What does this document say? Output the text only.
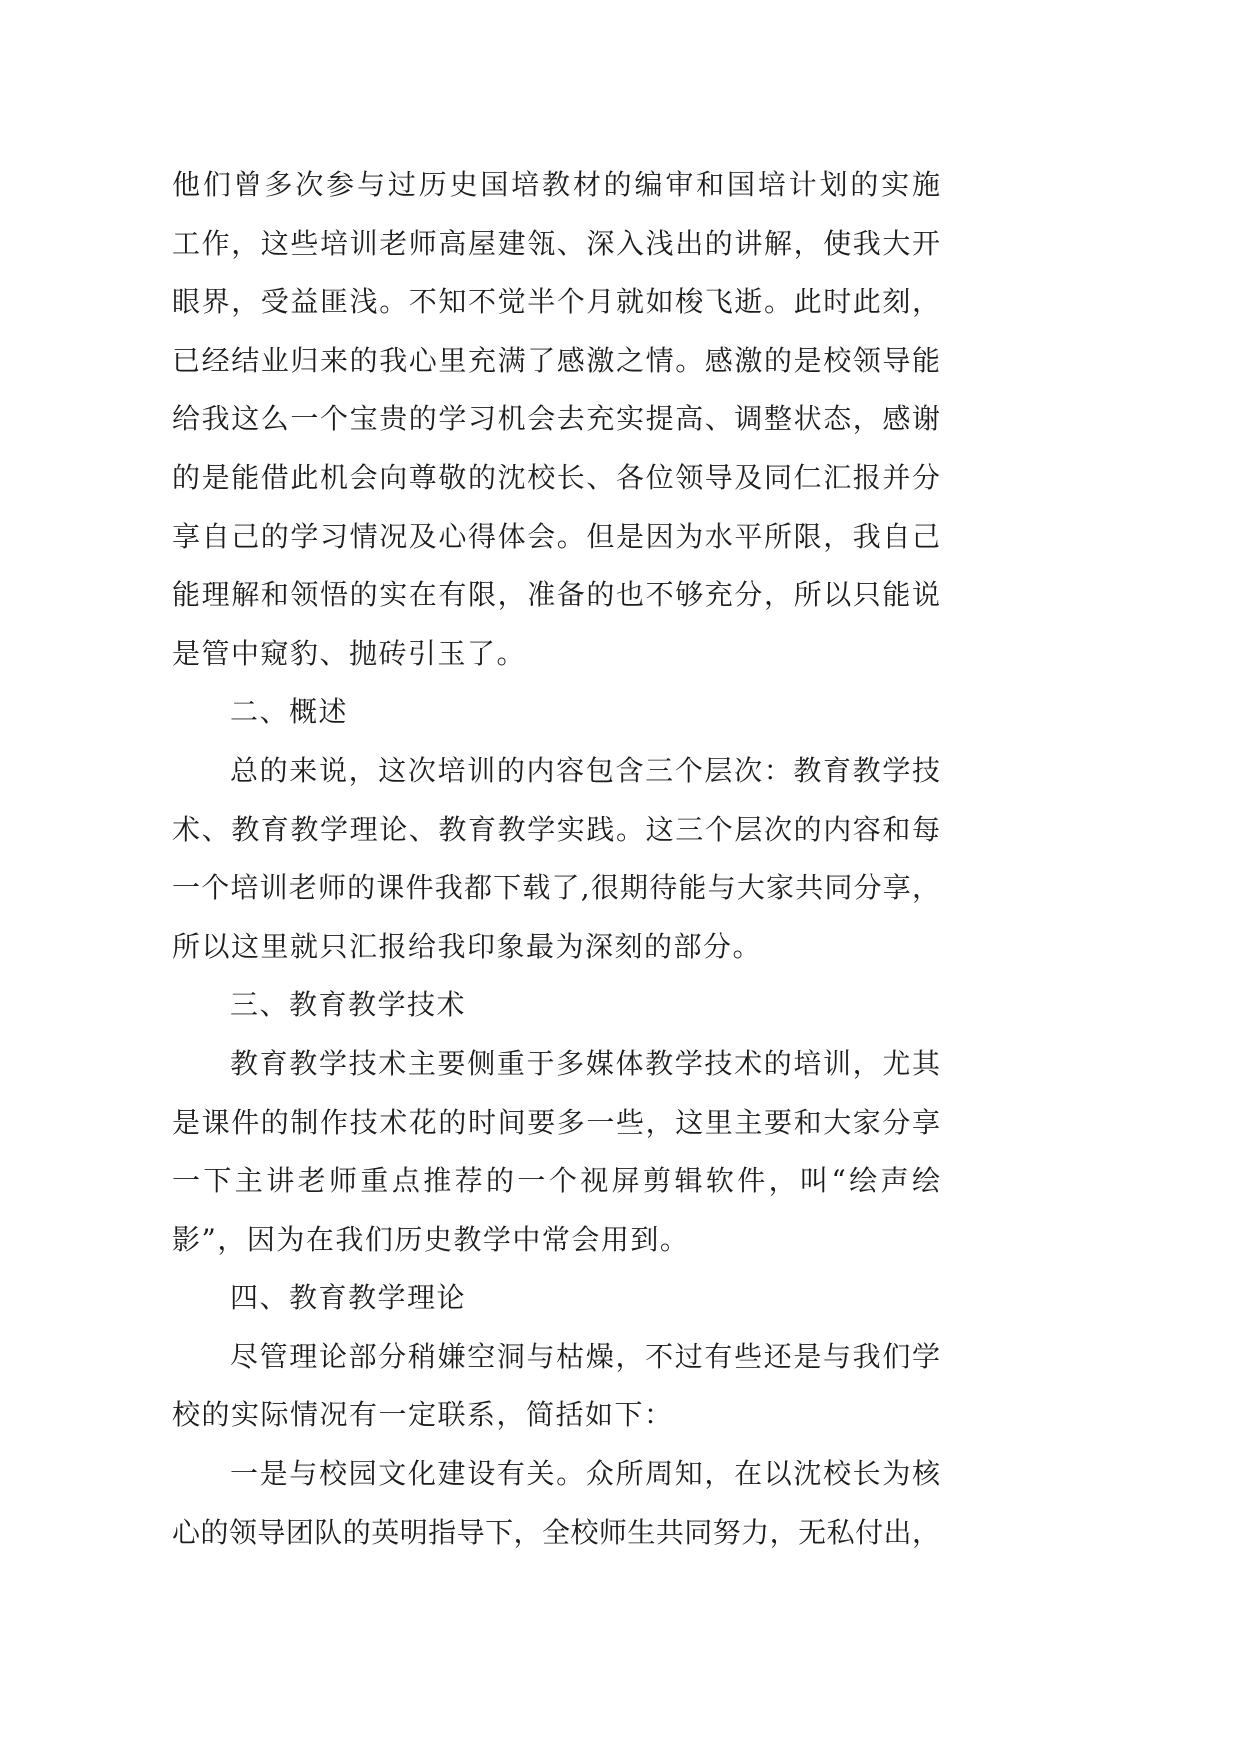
他们曾多次参与过历史国培教材的编审和国培计划的实施
工作，这些培训老师高屋建瓴、深入浅出的讲解，使我大开
眼界，受益匪浅。不知不觉半个月就如梭飞逝。此时此刻，
已经结业归来的我心里充满了感激之情。感激的是校领导能
给我这么一个宝贵的学习机会去充实提高、调整状态，感谢
的是能借此机会向尊敬的沈校长、各位领导及同仁汇报并分
享自己的学习情况及心得体会。但是因为水平所限，我自己
能理解和领悟的实在有限，准备的也不够充分，所以只能说
是管中窥豹、抛砖引玉了。
二、概述
总的来说，这次培训的内容包含三个层次：教育教学技
术、教育教学理论、教育教学实践。这三个层次的内容和每
一个培训老师的课件我都下载了,很期待能与大家共同分享，
所以这里就只汇报给我印象最为深刻的部分。
三、教育教学技术
教育教学技术主要侧重于多媒体教学技术的培训，尤其
是课件的制作技术花的时间要多一些，这里主要和大家分享
一下主讲老师重点推荐的一个视屏剪辑软件，叫“绘声绘
影”，因为在我们历史教学中常会用到。
四、教育教学理论
尽管理论部分稍嫌空洞与枯燥，不过有些还是与我们学
校的实际情况有一定联系，简括如下：
一是与校园文化建设有关。众所周知，在以沈校长为核
心的领导团队的英明指导下，全校师生共同努力，无私付出，
